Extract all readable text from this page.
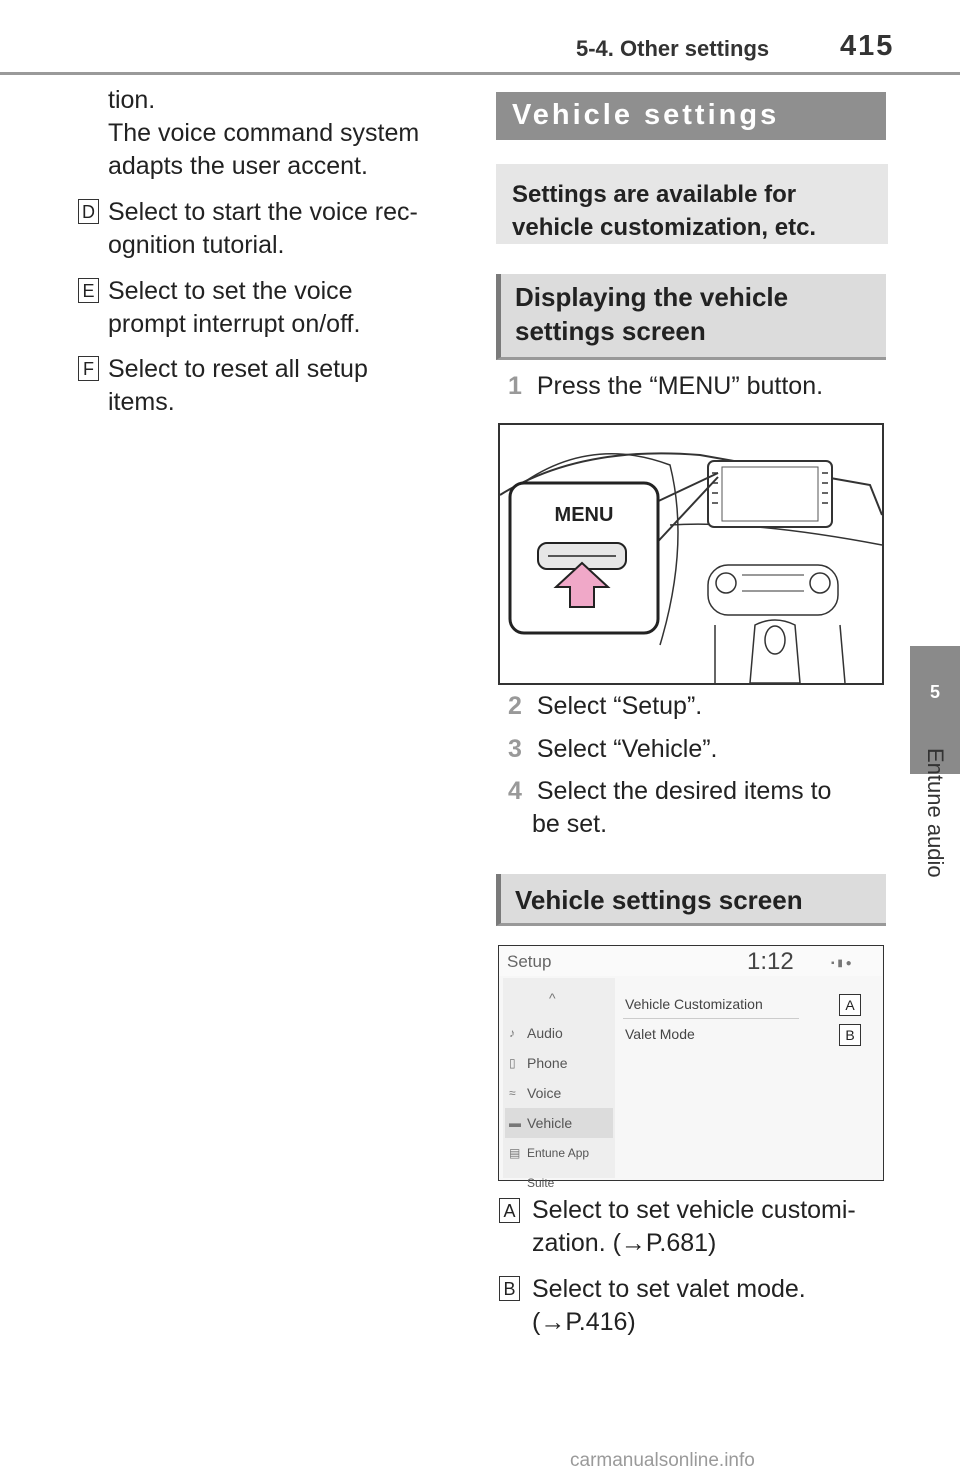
5-4. Other settings 415
5
Entune audio
tion.
The voice command system
adapts the user accent.
D Select to start the voice rec-
ognition tutorial.
E Select to set the voice
prompt interrupt on/off.
F Select to reset all setup
items.
Vehicle settings
Settings are available for
vehicle customization, etc.
Displaying the vehicle
settings screen
1 Press the “MENU” button.
MENU
2 Select “Setup”.
3 Select “Vehicle”.
4 Select the desired items to
be set.
Vehicle settings screen
Setup	1:12	▪ ▮ ●
^
Audio
Phone
Voice
Vehicle
Entune App Suite
♪
▯
≈
▬
▤
Vehicle Customization
Valet Mode
A
B
A Select to set vehicle customi-
zation. (→P.681)
B Select to set valet mode.
(→P.416)
carmanualsonline.info
